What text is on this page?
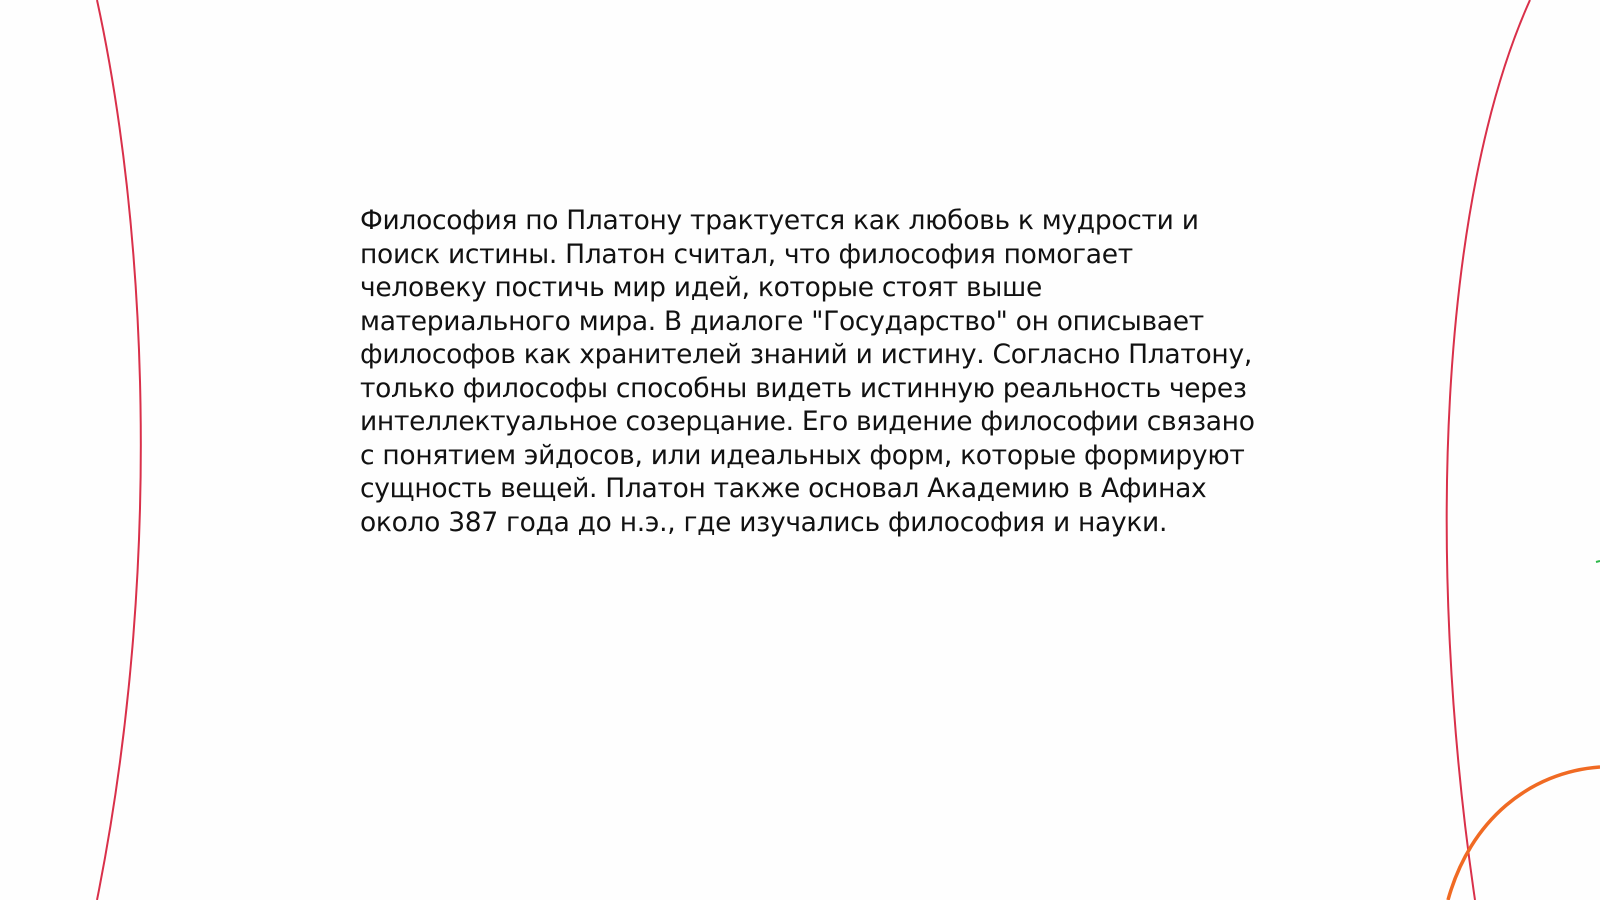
Философия по Платону трактуется как любовь к мудрости и поиск истины. Платон считал, что философия помогает человеку постичь мир идей, которые стоят выше материального мира. В диалоге "Государство" он описывает философов как хранителей знаний и истину. Согласно Платону, только философы способны видеть истинную реальность через интеллектуальное созерцание. Его видение философии связано с понятием эйдосов, или идеальных форм, которые формируют сущность вещей. Платон также основал Академию в Афинах около 387 года до н.э., где изучались философия и науки.
